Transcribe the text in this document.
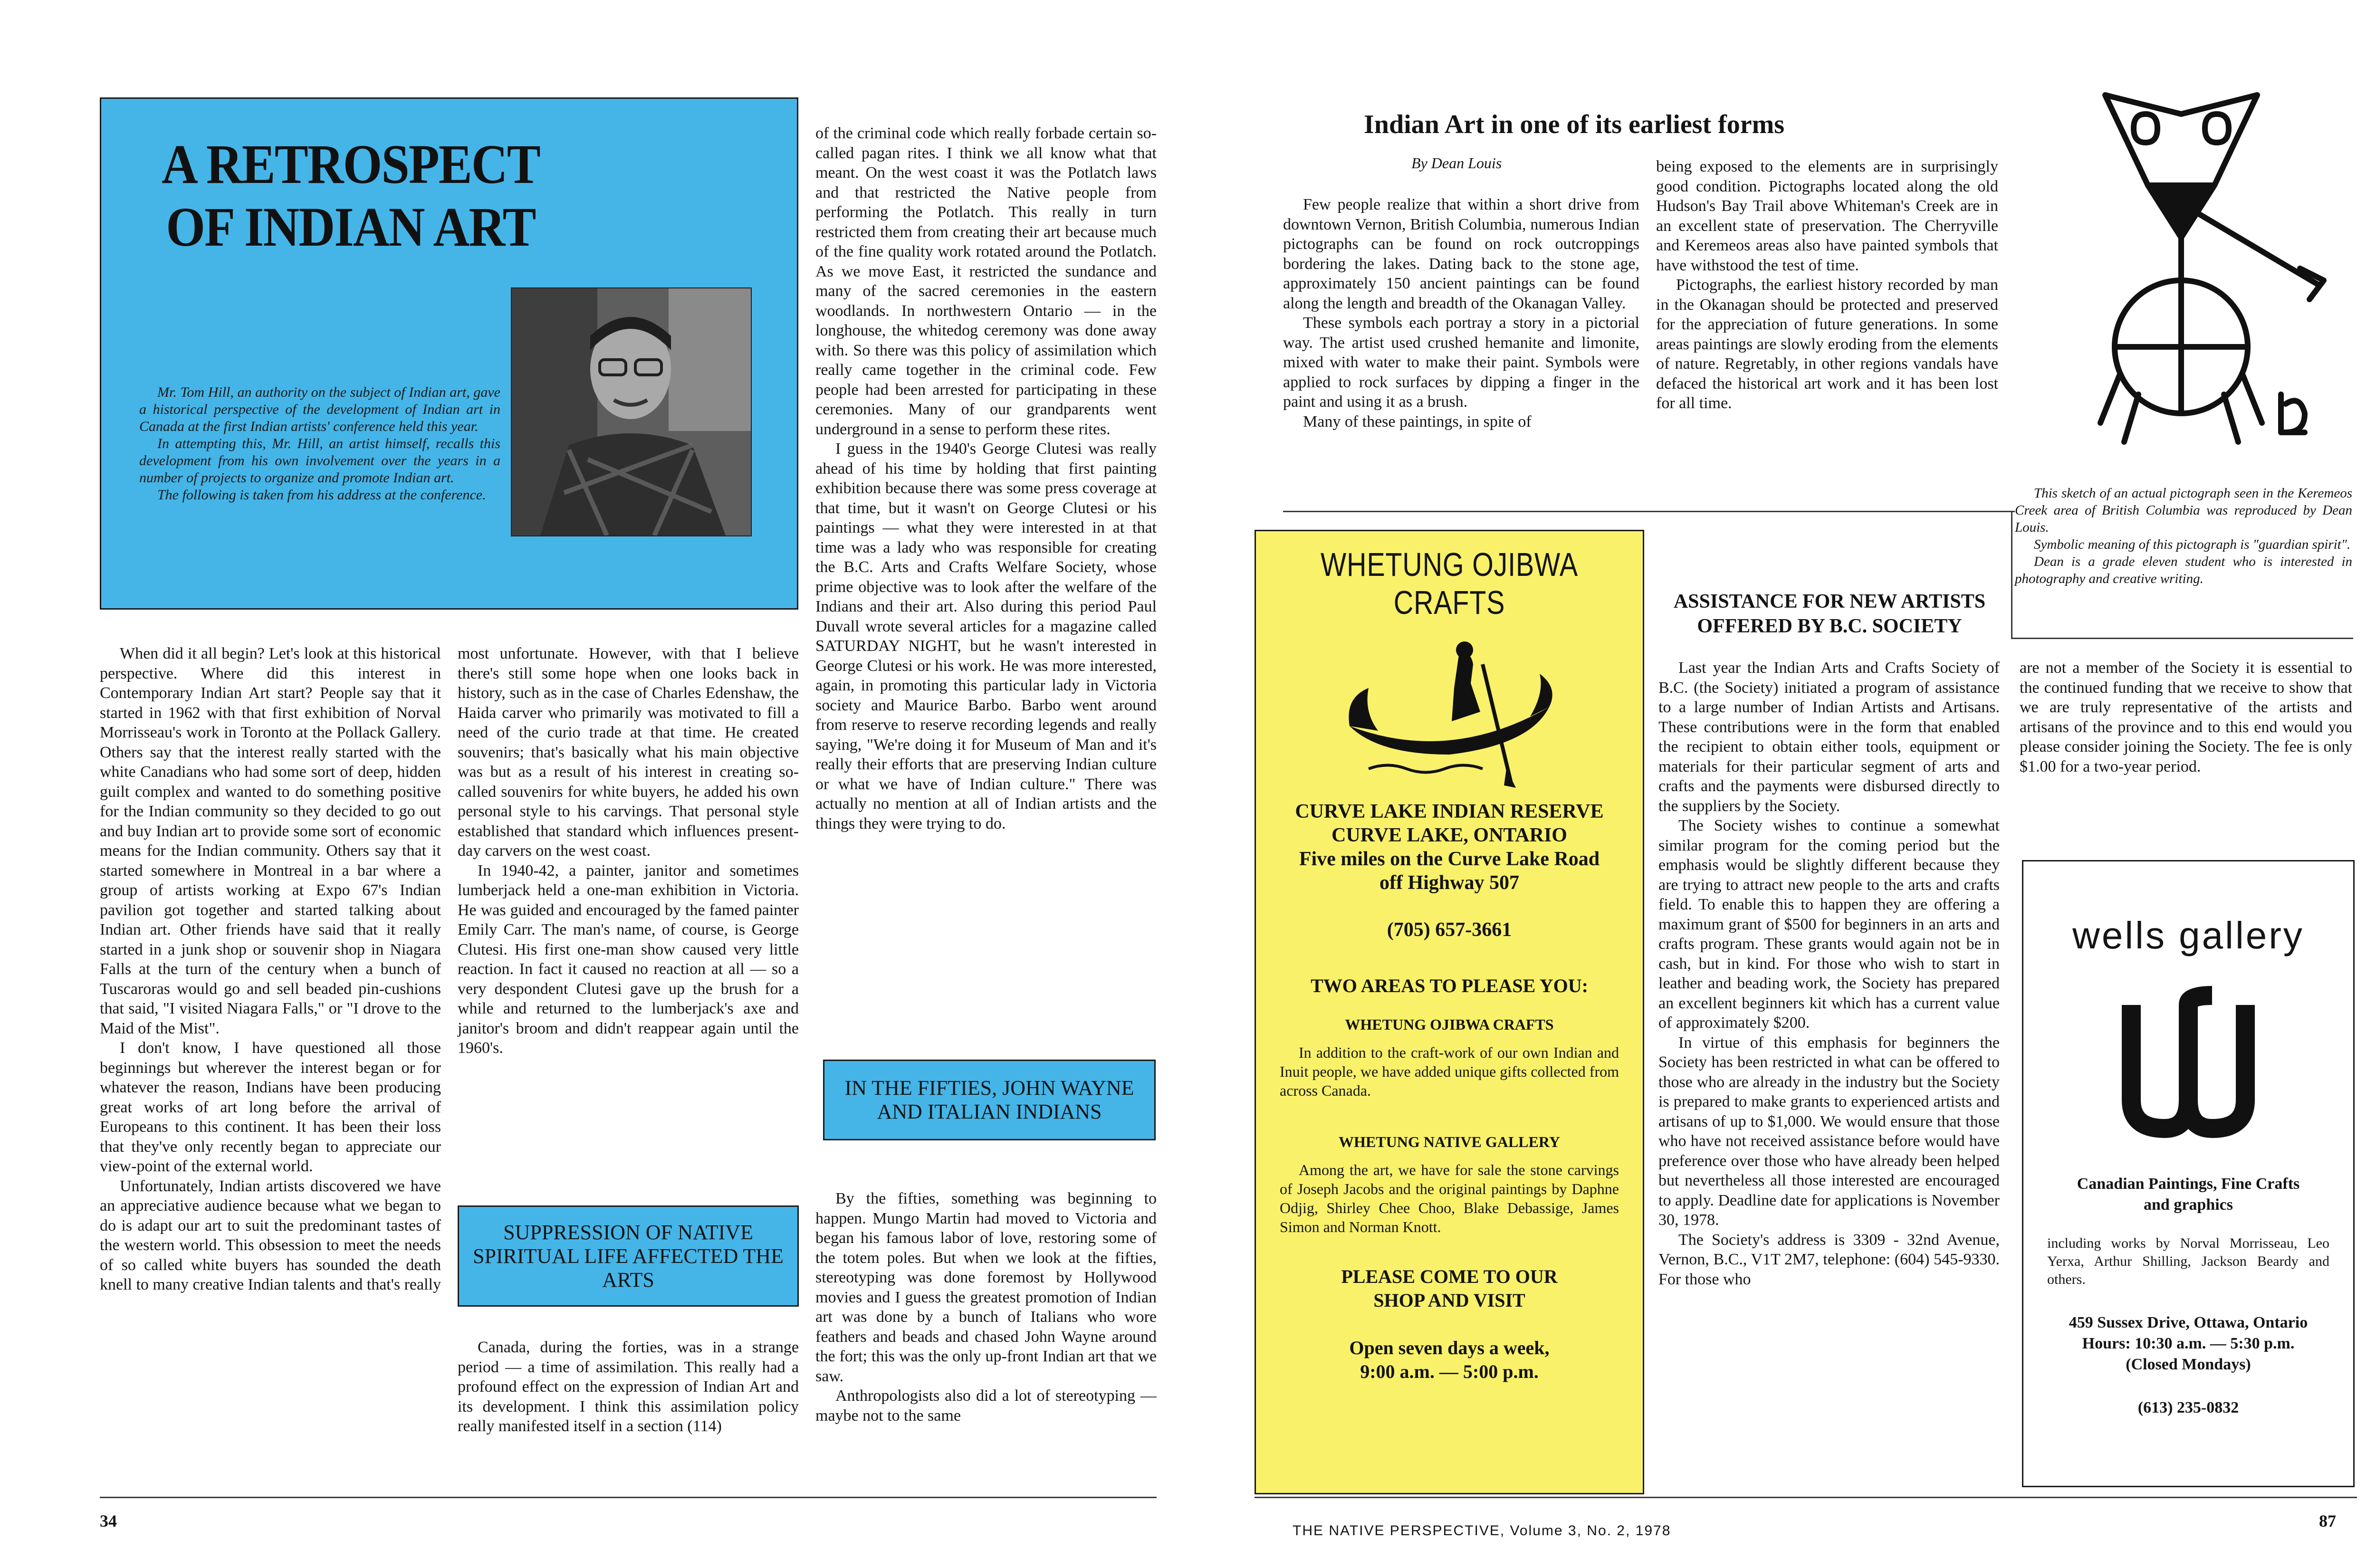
A RETROSPECT
OF INDIAN ART
Mr. Tom Hill, an authority on the subject of Indian art, gave a historical perspective of the development of Indian art in Canada at the first Indian artists' conference held this year.
In attempting this, Mr. Hill, an artist himself, recalls this development from his own involvement over the years in a number of projects to organize and promote Indian art.
The following is taken from his address at the conference.

When did it all begin? Let's look at this historical perspective. Where did this interest in Contemporary Indian Art start? People say that it started in 1962 with that first exhibition of Norval Morrisseau's work in Toronto at the Pollack Gallery. Others say that the interest really started with the white Canadians who had some sort of deep, hidden guilt complex and wanted to do something positive for the Indian community so they decided to go out and buy Indian art to provide some sort of economic means for the Indian community. Others say that it started somewhere in Montreal in a bar where a group of artists working at Expo 67's Indian pavilion got together and started talking about Indian art. Other friends have said that it really started in a junk shop or souvenir shop in Niagara Falls at the turn of the century when a bunch of Tuscaroras would go and sell beaded pin-cushions that said, "I visited Niagara Falls," or "I drove to the Maid of the Mist".

I don't know, I have questioned all those beginnings but wherever the interest began or for whatever the reason, Indians have been producing great works of art long before the arrival of Europeans to this continent. It has been their loss that they've only recently began to appreciate our view-point of the external world.

Unfortunately, Indian artists discovered we have an appreciative audience because what we began to do is adapt our art to suit the predominant tastes of the western world. This obsession to meet the needs of so called white buyers has sounded the death knell to many creative Indian talents and that's really

most unfortunate. However, with that I believe there's still some hope when one looks back in history, such as in the case of Charles Edenshaw, the Haida carver who primarily was motivated to fill a need of the curio trade at that time. He created souvenirs; that's basically what his main objective was but as a result of his interest in creating so-called souvenirs for white buyers, he added his own personal style to his carvings. That personal style established that standard which influences present-day carvers on the west coast.

In 1940-42, a painter, janitor and sometimes lumberjack held a one-man exhibition in Victoria. He was guided and encouraged by the famed painter Emily Carr. The man's name, of course, is George Clutesi. His first one-man show caused very little reaction. In fact it caused no reaction at all — so a very despondent Clutesi gave up the brush for a while and returned to the lumberjack's axe and janitor's broom and didn't reappear again until the 1960's.

SUPPRESSION OF NATIVE SPIRITUAL LIFE AFFECTED THE ARTS

Canada, during the forties, was in a strange period — a time of assimilation. This really had a profound effect on the expression of Indian Art and its development. I think this assimilation policy really manifested itself in a section (114)

of the criminal code which really forbade certain so-called pagan rites. I think we all know what that meant. On the west coast it was the Potlatch laws and that restricted the Native people from performing the Potlatch. This really in turn restricted them from creating their art because much of the fine quality work rotated around the Potlatch. As we move East, it restricted the sundance and many of the sacred ceremonies in the eastern woodlands. In northwestern Ontario — in the longhouse, the whitedog ceremony was done away with. So there was this policy of assimilation which really came together in the criminal code. Few people had been arrested for participating in these ceremonies. Many of our grandparents went underground in a sense to perform these rites.

I guess in the 1940's George Clutesi was really ahead of his time by holding that first painting exhibition because there was some press coverage at that time, but it wasn't on George Clutesi or his paintings — what they were interested in at that time was a lady who was responsible for creating the B.C. Arts and Crafts Welfare Society, whose prime objective was to look after the welfare of the Indians and their art. Also during this period Paul Duvall wrote several articles for a magazine called SATURDAY NIGHT, but he wasn't interested in George Clutesi or his work. He was more interested, again, in promoting this particular lady in Victoria society and Maurice Barbo. Barbo went around from reserve to reserve recording legends and really saying, "We're doing it for Museum of Man and it's really their efforts that are preserving Indian culture or what we have of Indian culture." There was actually no mention at all of Indian artists and the things they were trying to do.

IN THE FIFTIES, JOHN WAYNE AND ITALIAN INDIANS

By the fifties, something was beginning to happen. Mungo Martin had moved to Victoria and began his famous labor of love, restoring some of the totem poles. But when we look at the fifties, stereotyping was done foremost by Hollywood movies and I guess the greatest promotion of Indian art was done by a bunch of Italians who wore feathers and beads and chased John Wayne around the fort; this was the only up-front Indian art that we saw.

Anthropologists also did a lot of stereotyping — maybe not to the same

34
Indian Art in one of its earliest forms
By Dean Louis

Few people realize that within a short drive from downtown Vernon, British Columbia, numerous Indian pictographs can be found on rock outcroppings bordering the lakes. Dating back to the stone age, approximately 150 ancient paintings can be found along the length and breadth of the Okanagan Valley.

These symbols each portray a story in a pictorial way. The artist used crushed hemanite and limonite, mixed with water to make their paint. Symbols were applied to rock surfaces by dipping a finger in the paint and using it as a brush.

Many of these paintings, in spite of

being exposed to the elements are in surprisingly good condition. Pictographs located along the old Hudson's Bay Trail above Whiteman's Creek are in an excellent state of preservation. The Cherryville and Keremeos areas also have painted symbols that have withstood the test of time.

Pictographs, the earliest history recorded by man in the Okanagan should be protected and preserved for the appreciation of future generations. In some areas paintings are slowly eroding from the elements of nature. Regretably, in other regions vandals have defaced the historical art work and it has been lost for all time.

This sketch of an actual pictograph seen in the Keremeos Creek area of British Columbia was reproduced by Dean Louis.
Symbolic meaning of this pictograph is "guardian spirit".
Dean is a grade eleven student who is interested in photography and creative writing.
WHETUNG OJIBWA CRAFTS
CURVE LAKE INDIAN RESERVE
CURVE LAKE, ONTARIO
Five miles on the Curve Lake Road
off Highway 507
(705) 657-3661
TWO AREAS TO PLEASE YOU:
WHETUNG OJIBWA CRAFTS
In addition to the craft-work of our own Indian and Inuit people, we have added unique gifts collected from across Canada.
WHETUNG NATIVE GALLERY
Among the art, we have for sale the stone carvings of Joseph Jacobs and the original paintings by Daphne Odjig, Shirley Chee Choo, Blake Debassige, James Simon and Norman Knott.
PLEASE COME TO OUR
SHOP AND VISIT
Open seven days a week,
9:00 a.m. — 5:00 p.m.
ASSISTANCE FOR NEW ARTISTS
OFFERED BY B.C. SOCIETY

Last year the Indian Arts and Crafts Society of B.C. (the Society) initiated a program of assistance to a large number of Indian Artists and Artisans. These contributions were in the form that enabled the recipient to obtain either tools, equipment or materials for their particular segment of arts and crafts and the payments were disbursed directly to the suppliers by the Society.

The Society wishes to continue a somewhat similar program for the coming period but the emphasis would be slightly different because they are trying to attract new people to the arts and crafts field. To enable this to happen they are offering a maximum grant of $500 for beginners in an arts and crafts program. These grants would again not be in cash, but in kind. For those who wish to start in leather and beading work, the Society has prepared an excellent beginners kit which has a current value of approximately $200.

In virtue of this emphasis for beginners the Society has been restricted in what can be offered to those who are already in the industry but the Society is prepared to make grants to experienced artists and artisans of up to $1,000. We would ensure that those who have not received assistance before would have preference over those who have already been helped but nevertheless all those interested are encouraged to apply. Deadline date for applications is November 30, 1978.

The Society's address is 3309 - 32nd Avenue, Vernon, B.C., V1T 2M7, telephone: (604) 545-9330. For those who

are not a member of the Society it is essential to the continued funding that we receive to show that we are truly representative of the artists and artisans of the province and to this end would you please consider joining the Society. The fee is only $1.00 for a two-year period.

wells gallery
Canadian Paintings, Fine Crafts
and graphics
including works by Norval Morrisseau, Leo Yerxa, Arthur Shilling, Jackson Beardy and others.
459 Sussex Drive, Ottawa, Ontario
Hours: 10:30 a.m. — 5:30 p.m.
(Closed Mondays)
(613) 235-0832
THE NATIVE PERSPECTIVE, Volume 3, No. 2, 1978
87
